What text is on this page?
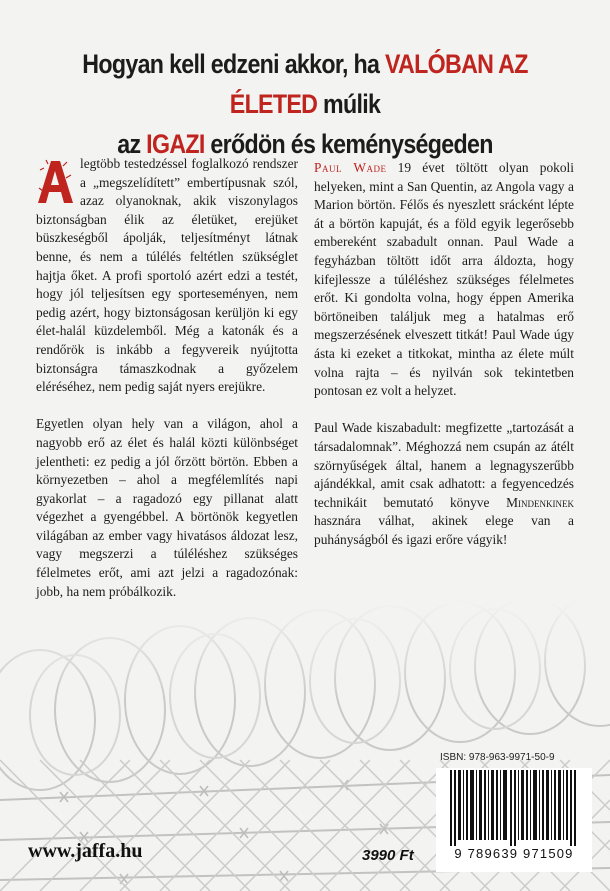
Hogyan kell edzeni akkor, ha VALÓBAN AZ ÉLETED múlik
az IGAZI erődön és keménységeden

legtöbb testedzéssel foglalkozó rendszer a „megszelídített” embertípusnak szól, azaz olyanoknak, akik viszonylagos biztonságban élik az életüket, erejüket büszkeségből ápolják, teljesítményt látnak benne, és nem a túlélés feltétlen szükséglet hajtja őket. A profi sportoló azért edzi a testét, hogy jól teljesítsen egy sporteseményen, nem pedig azért, hogy biztonságosan kerüljön ki egy élet-halál küzdelemből. Még a katonák és a rendőrök is inkább a fegyvereik nyújtotta biztonságra támaszkodnak a győzelem eléréséhez, nem pedig saját nyers erejükre.

Egyetlen olyan hely van a világon, ahol a nagyobb erő az élet és halál közti különbséget jelentheti: ez pedig a jól őrzött börtön. Ebben a környezetben – ahol a megfélemlítés napi gyakorlat – a ragadozó egy pillanat alatt végezhet a gyengébbel. A börtönök kegyetlen világában az ember vagy hivatásos áldozat lesz, vagy megszerzi a túléléshez szükséges félelmetes erőt, ami azt jelzi a ragadozónak: jobb, ha nem próbálkozik.

Paul Wade 19 évet töltött olyan pokoli helyeken, mint a San Quentin, az Angola vagy a Marion börtön. Félős és nyeszlett srácként lépte át a börtön kapuját, és a föld egyik legerősebb embereként szabadult onnan. Paul Wade a fegyházban töltött időt arra áldozta, hogy kifejlessze a túléléshez szükséges félelmetes erőt. Ki gondolta volna, hogy éppen Amerika börtöneiben találjuk meg a hatalmas erő megszerzésének elveszett titkát! Paul Wade úgy ásta ki ezeket a titkokat, mintha az élete múlt volna rajta – és nyilván sok tekintetben pontosan ez volt a helyzet.

Paul Wade kiszabadult: megfizette „tartozását a társadalomnak”. Méghozzá nem csupán az átélt szörnyűségek által, hanem a legnagyszerűbb ajándékkal, amit csak adhatott: a fegyencedzés technikáit bemutató könyve Mindenkinek hasznára válhat, akinek elege van a puhányságból és igazi erőre vágyik!

ISBN: 978-963-9971-50-9
9 789639 971509
www.jaffa.hu	3990 Ft
